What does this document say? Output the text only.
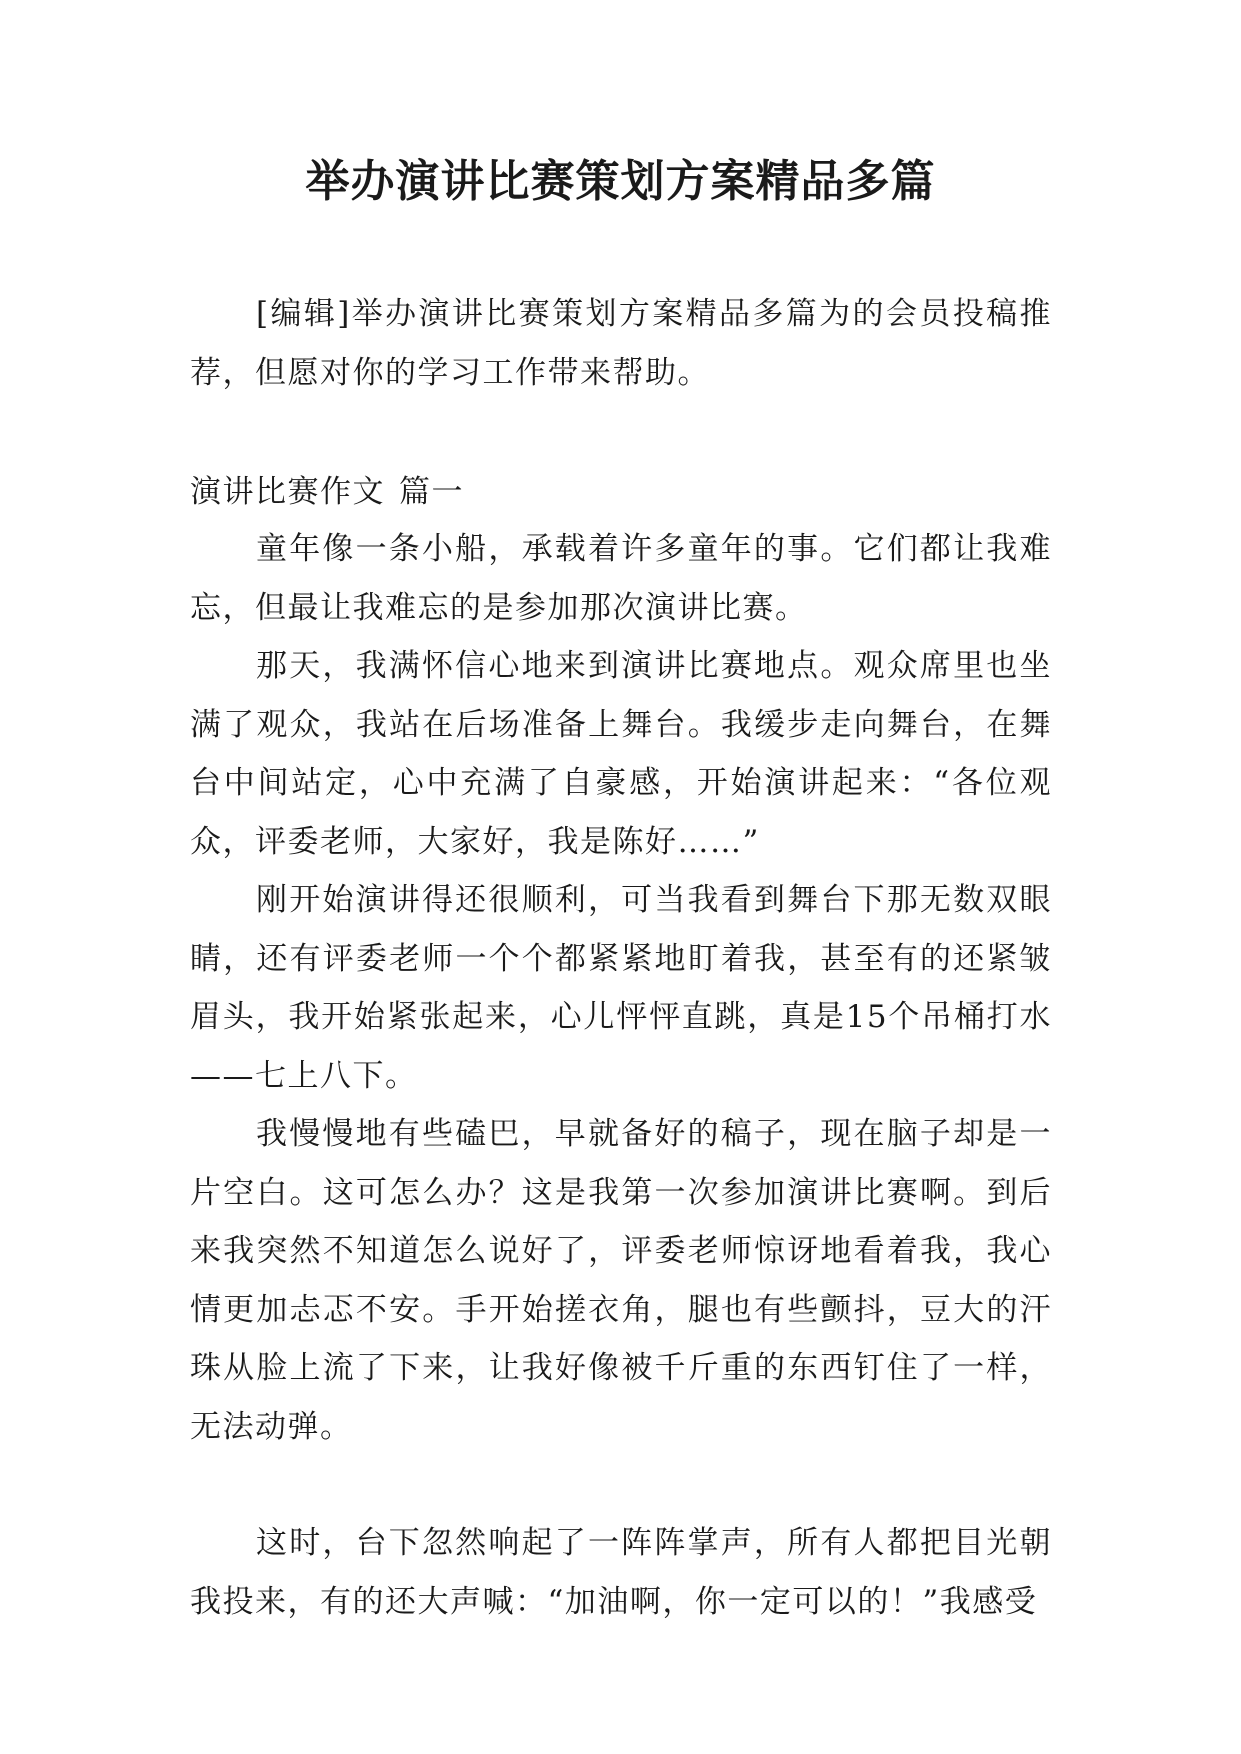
举办演讲比赛策划方案精品多篇

[编辑]举办演讲比赛策划方案精品多篇为的会员投稿推荐，但愿对你的学习工作带来帮助。

演讲比赛作文 篇一

童年像一条小船，承载着许多童年的事。它们都让我难忘，但最让我难忘的是参加那次演讲比赛。

那天，我满怀信心地来到演讲比赛地点。观众席里也坐满了观众，我站在后场准备上舞台。我缓步走向舞台，在舞台中间站定，心中充满了自豪感，开始演讲起来：“各位观众，评委老师，大家好，我是陈好……”

刚开始演讲得还很顺利，可当我看到舞台下那无数双眼睛，还有评委老师一个个都紧紧地盯着我，甚至有的还紧皱眉头，我开始紧张起来，心儿怦怦直跳，真是15个吊桶打水——七上八下。

我慢慢地有些磕巴，早就备好的稿子，现在脑子却是一片空白。这可怎么办？这是我第一次参加演讲比赛啊。到后来我突然不知道怎么说好了，评委老师惊讶地看着我，我心情更加忐忑不安。手开始搓衣角，腿也有些颤抖，豆大的汗珠从脸上流了下来，让我好像被千斤重的东西钉住了一样，无法动弹。

这时，台下忽然响起了一阵阵掌声，所有人都把目光朝我投来，有的还大声喊：“加油啊，你一定可以的！”我感受
